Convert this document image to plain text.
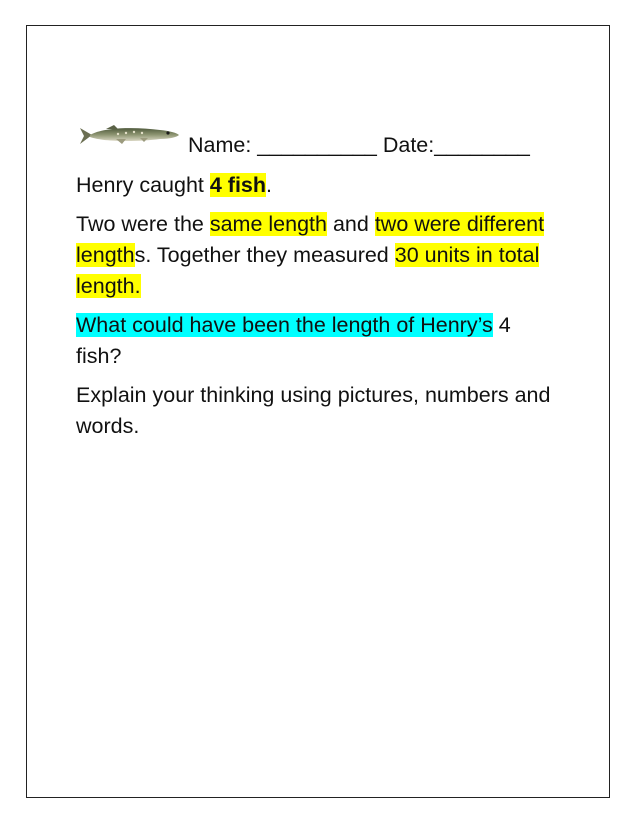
Name: __________ Date:________

Henry caught 4 fish.

Two were the same length and two were different lengths. Together they measured 30 units in total length.

What could have been the length of Henry’s 4 fish?

Explain your thinking using pictures, numbers and words.
